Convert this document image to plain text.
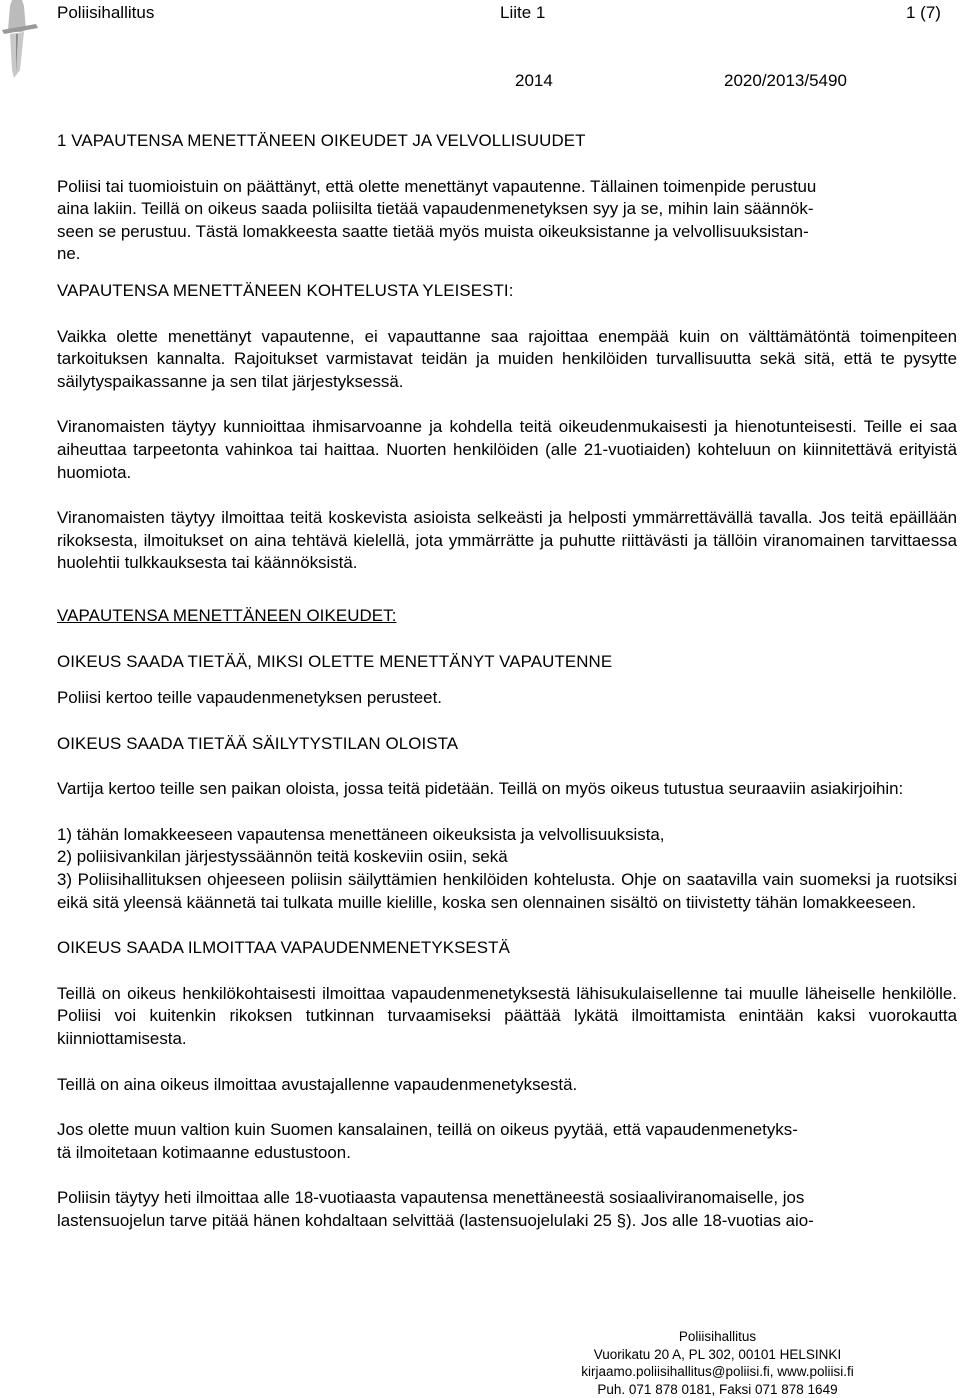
Poliisihallitus	Liite 1	1 (7)
2014	2020/2013/5490
1 VAPAUTENSA MENETTÄNEEN OIKEUDET JA VELVOLLISUUDET

Poliisi tai tuomioistuin on päättänyt, että olette menettänyt vapautenne. Tällainen toimenpide perustuu

aina lakiin. Teillä on oikeus saada poliisilta tietää vapaudenmenetyksen syy ja se, mihin lain säännök-

seen se perustuu. Tästä lomakkeesta saatte tietää myös muista oikeuksistanne ja velvollisuuksistan-

ne.

VAPAUTENSA MENETTÄNEEN KOHTELUSTA YLEISESTI:

Vaikka olette menettänyt vapautenne, ei vapauttanne saa rajoittaa enempää kuin on välttämätöntä toimenpiteen tarkoituksen kannalta. Rajoitukset varmistavat teidän ja muiden henkilöiden turvallisuutta sekä sitä, että te pysytte säilytyspaikassanne ja sen tilat järjestyksessä.

Viranomaisten täytyy kunnioittaa ihmisarvoanne ja kohdella teitä oikeudenmukaisesti ja hienotunteisesti. Teille ei saa aiheuttaa tarpeetonta vahinkoa tai haittaa. Nuorten henkilöiden (alle 21-vuotiaiden) kohteluun on kiinnitettävä erityistä huomiota.

Viranomaisten täytyy ilmoittaa teitä koskevista asioista selkeästi ja helposti ymmärrettävällä tavalla. Jos teitä epäillään rikoksesta, ilmoitukset on aina tehtävä kielellä, jota ymmärrätte ja puhutte riittävästi ja tällöin viranomainen tarvittaessa huolehtii tulkkauksesta tai käännöksistä.

VAPAUTENSA MENETTÄNEEN OIKEUDET:
OIKEUS SAADA TIETÄÄ, MIKSI OLETTE MENETTÄNYT VAPAUTENNE

Poliisi kertoo teille vapaudenmenetyksen perusteet.

OIKEUS SAADA TIETÄÄ SÄILYTYSTILAN OLOISTA

Vartija kertoo teille sen paikan oloista, jossa teitä pidetään. Teillä on myös oikeus tutustua seuraaviin asiakirjoihin:

1) tähän lomakkeeseen vapautensa menettäneen oikeuksista ja velvollisuuksista,

2) poliisivankilan järjestyssäännön teitä koskeviin osiin, sekä

3) Poliisihallituksen ohjeeseen poliisin säilyttämien henkilöiden kohtelusta. Ohje on saatavilla vain suomeksi ja ruotsiksi eikä sitä yleensä käännetä tai tulkata muille kielille, koska sen olennainen sisältö on tiivistetty tähän lomakkeeseen.

OIKEUS SAADA ILMOITTAA VAPAUDENMENETYKSESTÄ

Teillä on oikeus henkilökohtaisesti ilmoittaa vapaudenmenetyksestä lähisukulaisellenne tai muulle läheiselle henkilölle. Poliisi voi kuitenkin rikoksen tutkinnan turvaamiseksi päättää lykätä ilmoittamista enintään kaksi vuorokautta kiinniottamisesta.

Teillä on aina oikeus ilmoittaa avustajallenne vapaudenmenetyksestä.

Jos olette muun valtion kuin Suomen kansalainen, teillä on oikeus pyytää, että vapaudenmenetyks-

tä ilmoitetaan kotimaanne edustustoon.

Poliisin täytyy heti ilmoittaa alle 18-vuotiaasta vapautensa menettäneestä sosiaaliviranomaiselle, jos

lastensuojelun tarve pitää hänen kohdaltaan selvittää (lastensuojelulaki 25 §). Jos alle 18-vuotias aio-

Poliisihallitus
Vuorikatu 20 A, PL 302, 00101 HELSINKI
kirjaamo.poliisihallitus@poliisi.fi, www.poliisi.fi
Puh. 071 878 0181, Faksi 071 878 1649
